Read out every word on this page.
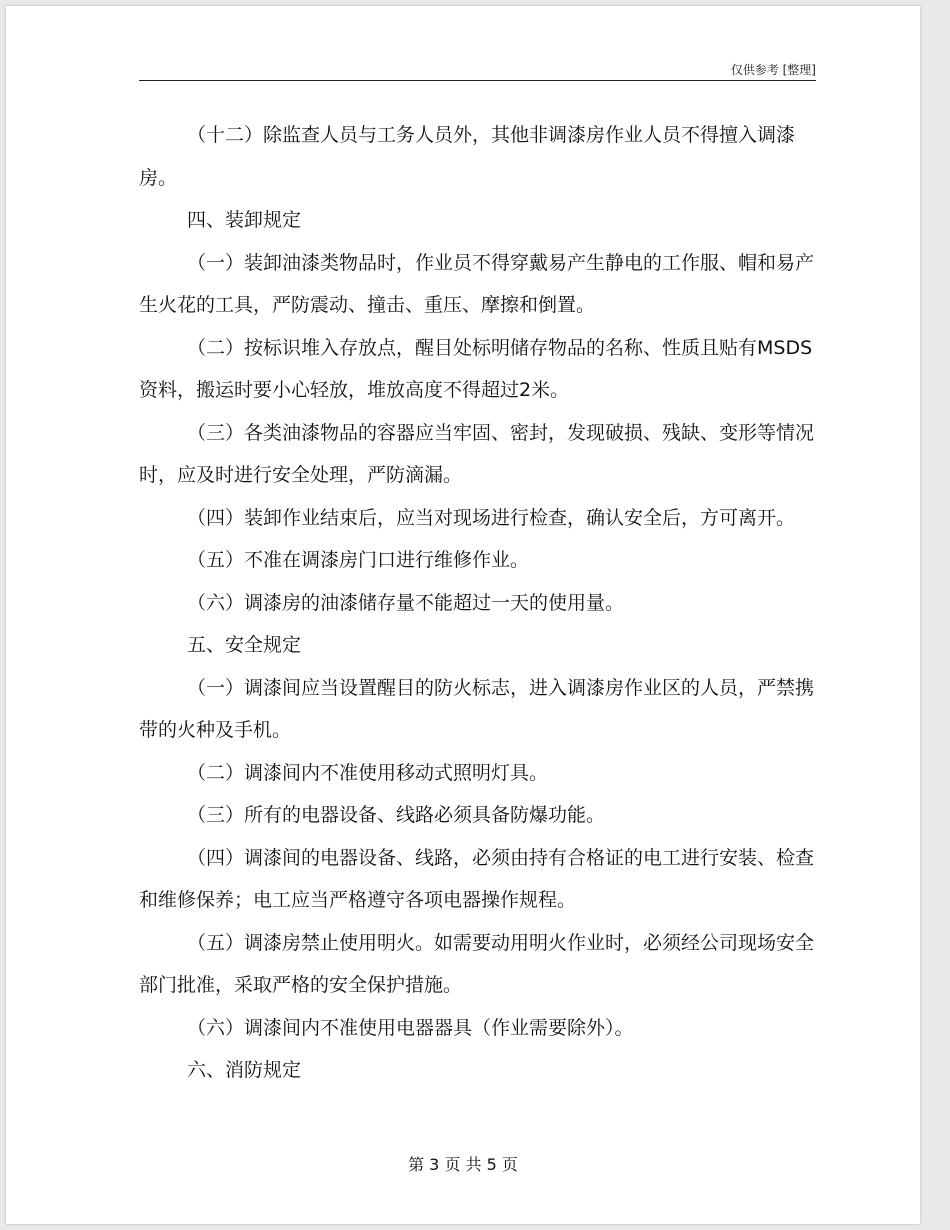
仅供参考 [整理]

（十二）除监查人员与工务人员外，其他非调漆房作业人员不得擅入调漆房。

四、装卸规定

（一）装卸油漆类物品时，作业员不得穿戴易产生静电的工作服、帽和易产生火花的工具，严防震动、撞击、重压、摩擦和倒置。

（二）按标识堆入存放点，醒目处标明储存物品的名称、性质且贴有MSDS资料，搬运时要小心轻放，堆放高度不得超过2米。

（三）各类油漆物品的容器应当牢固、密封，发现破损、残缺、变形等情况时，应及时进行安全处理，严防滴漏。

（四）装卸作业结束后，应当对现场进行检查，确认安全后，方可离开。

（五）不准在调漆房门口进行维修作业。

（六）调漆房的油漆储存量不能超过一天的使用量。

五、安全规定

（一）调漆间应当设置醒目的防火标志，进入调漆房作业区的人员，严禁携带的火种及手机。

（二）调漆间内不准使用移动式照明灯具。

（三）所有的电器设备、线路必须具备防爆功能。

（四）调漆间的电器设备、线路，必须由持有合格证的电工进行安装、检查和维修保养；电工应当严格遵守各项电器操作规程。

（五）调漆房禁止使用明火。如需要动用明火作业时，必须经公司现场安全部门批准，采取严格的安全保护措施。

（六）调漆间内不准使用电器器具（作业需要除外）。

六、消防规定

第 3 页 共 5 页
